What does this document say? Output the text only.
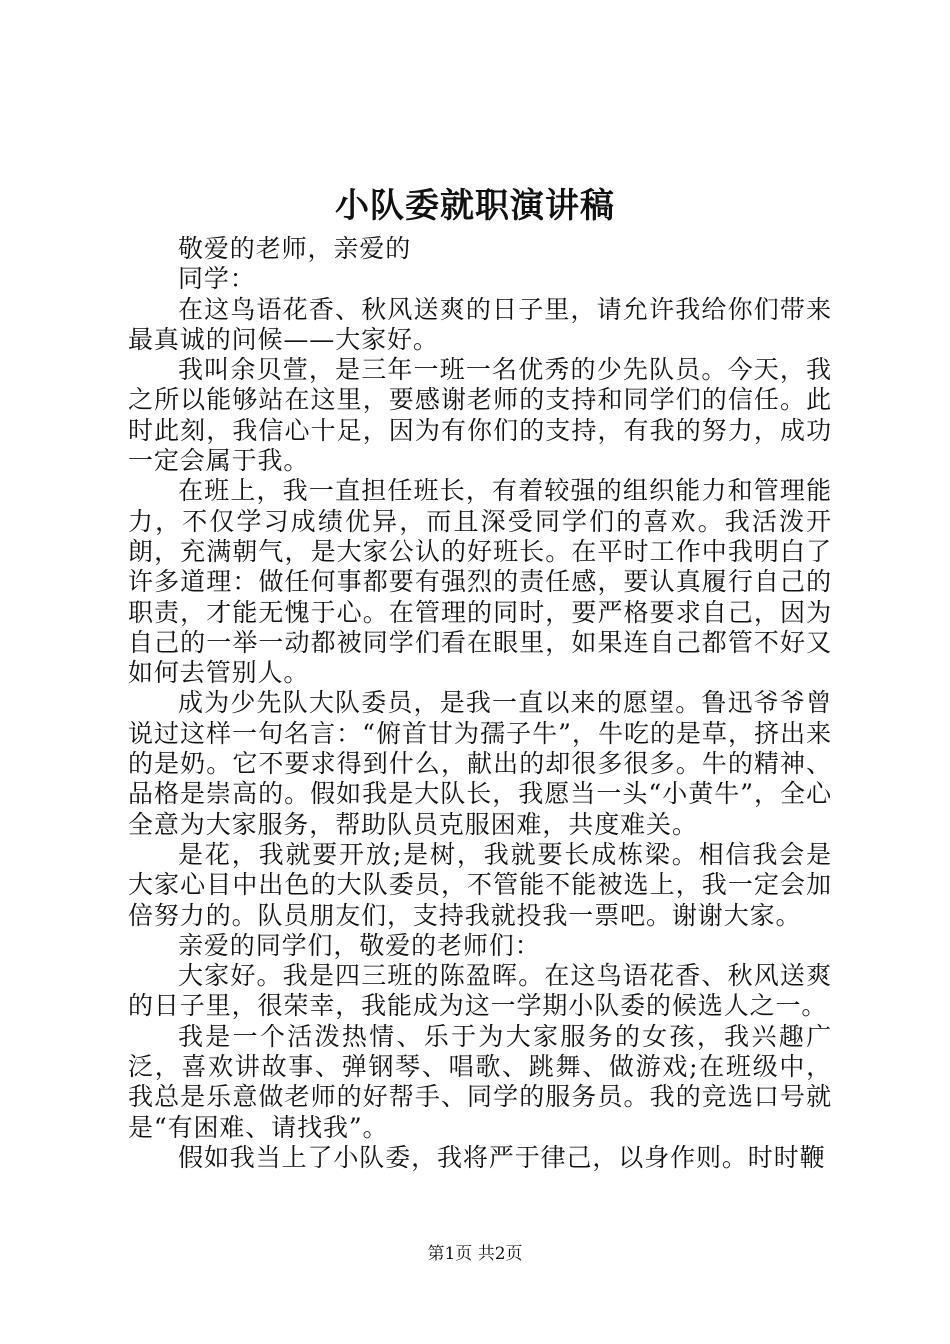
小队委就职演讲稿

敬爱的老师，亲爱的

同学：

在这鸟语花香、秋风送爽的日子里，请允许我给你们带来最真诚的问候——大家好。

我叫余贝萱，是三年一班一名优秀的少先队员。今天，我之所以能够站在这里，要感谢老师的支持和同学们的信任。此时此刻，我信心十足，因为有你们的支持，有我的努力，成功一定会属于我。

在班上，我一直担任班长，有着较强的组织能力和管理能力，不仅学习成绩优异，而且深受同学们的喜欢。我活泼开朗，充满朝气，是大家公认的好班长。在平时工作中我明白了许多道理：做任何事都要有强烈的责任感，要认真履行自己的职责，才能无愧于心。在管理的同时，要严格要求自己，因为自己的一举一动都被同学们看在眼里，如果连自己都管不好又如何去管别人。

成为少先队大队委员，是我一直以来的愿望。鲁迅爷爷曾说过这样一句名言：“俯首甘为孺子牛”，牛吃的是草，挤出来的是奶。它不要求得到什么，献出的却很多很多。牛的精神、品格是崇高的。假如我是大队长，我愿当一头“小黄牛”，全心全意为大家服务，帮助队员克服困难，共度难关。

是花，我就要开放;是树，我就要长成栋梁。相信我会是大家心目中出色的大队委员，不管能不能被选上，我一定会加倍努力的。队员朋友们，支持我就投我一票吧。谢谢大家。

亲爱的同学们，敬爱的老师们：

大家好。我是四三班的陈盈晖。在这鸟语花香、秋风送爽的日子里，很荣幸，我能成为这一学期小队委的候选人之一。

我是一个活泼热情、乐于为大家服务的女孩，我兴趣广泛，喜欢讲故事、弹钢琴、唱歌、跳舞、做游戏;在班级中，我总是乐意做老师的好帮手、同学的服务员。我的竞选口号就是“有困难、请找我”。

假如我当上了小队委，我将严于律己，以身作则。时时鞭

第1页 共2页
